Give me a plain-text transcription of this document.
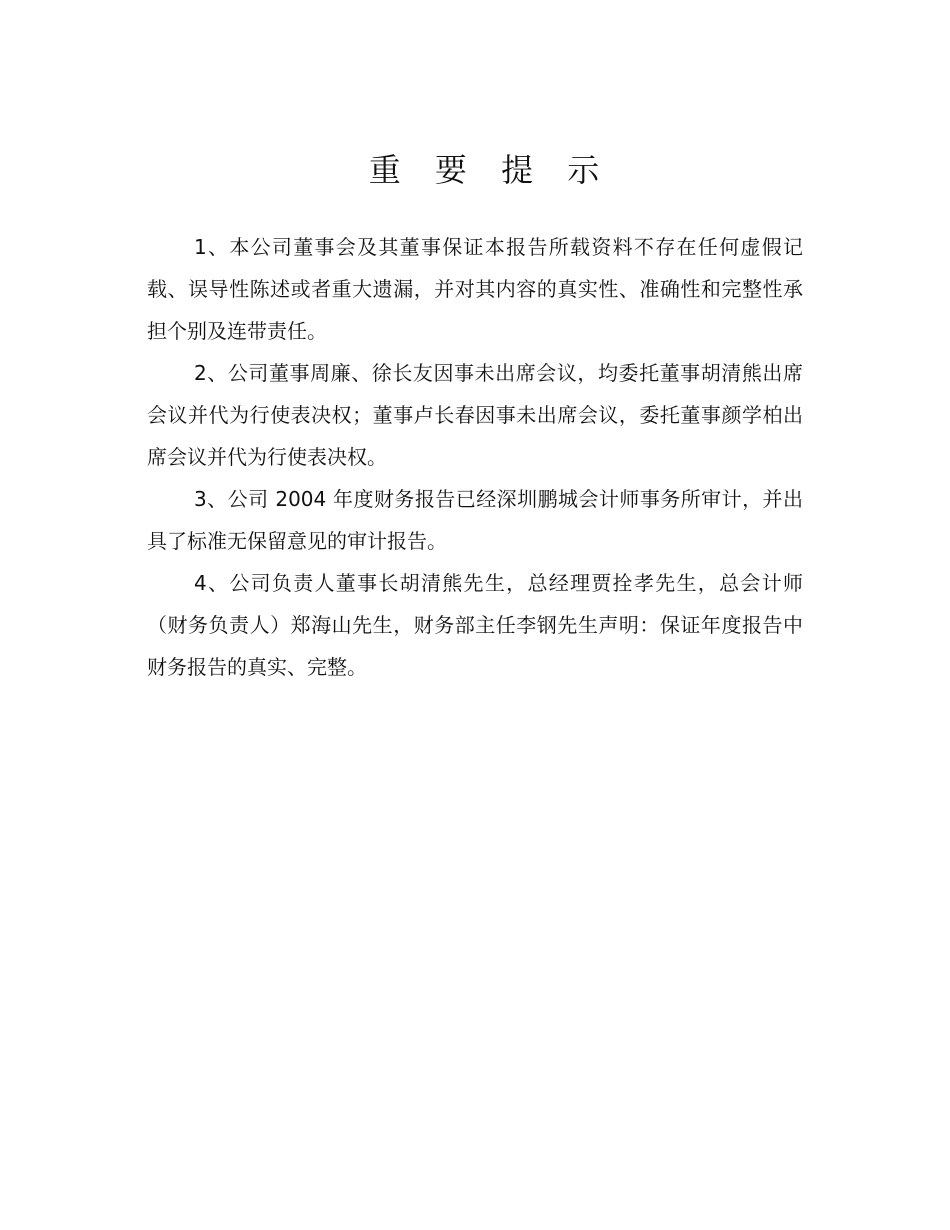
重 要 提 示

1、本公司董事会及其董事保证本报告所载资料不存在任何虚假记载、误导性陈述或者重大遗漏，并对其内容的真实性、准确性和完整性承担个别及连带责任。

2、公司董事周廉、徐长友因事未出席会议，均委托董事胡清熊出席会议并代为行使表决权；董事卢长春因事未出席会议，委托董事颜学柏出席会议并代为行使表决权。

3、公司 2004 年度财务报告已经深圳鹏城会计师事务所审计，并出具了标准无保留意见的审计报告。

4、公司负责人董事长胡清熊先生，总经理贾拴孝先生，总会计师（财务负责人）郑海山先生，财务部主任李钢先生声明：保证年度报告中财务报告的真实、完整。
